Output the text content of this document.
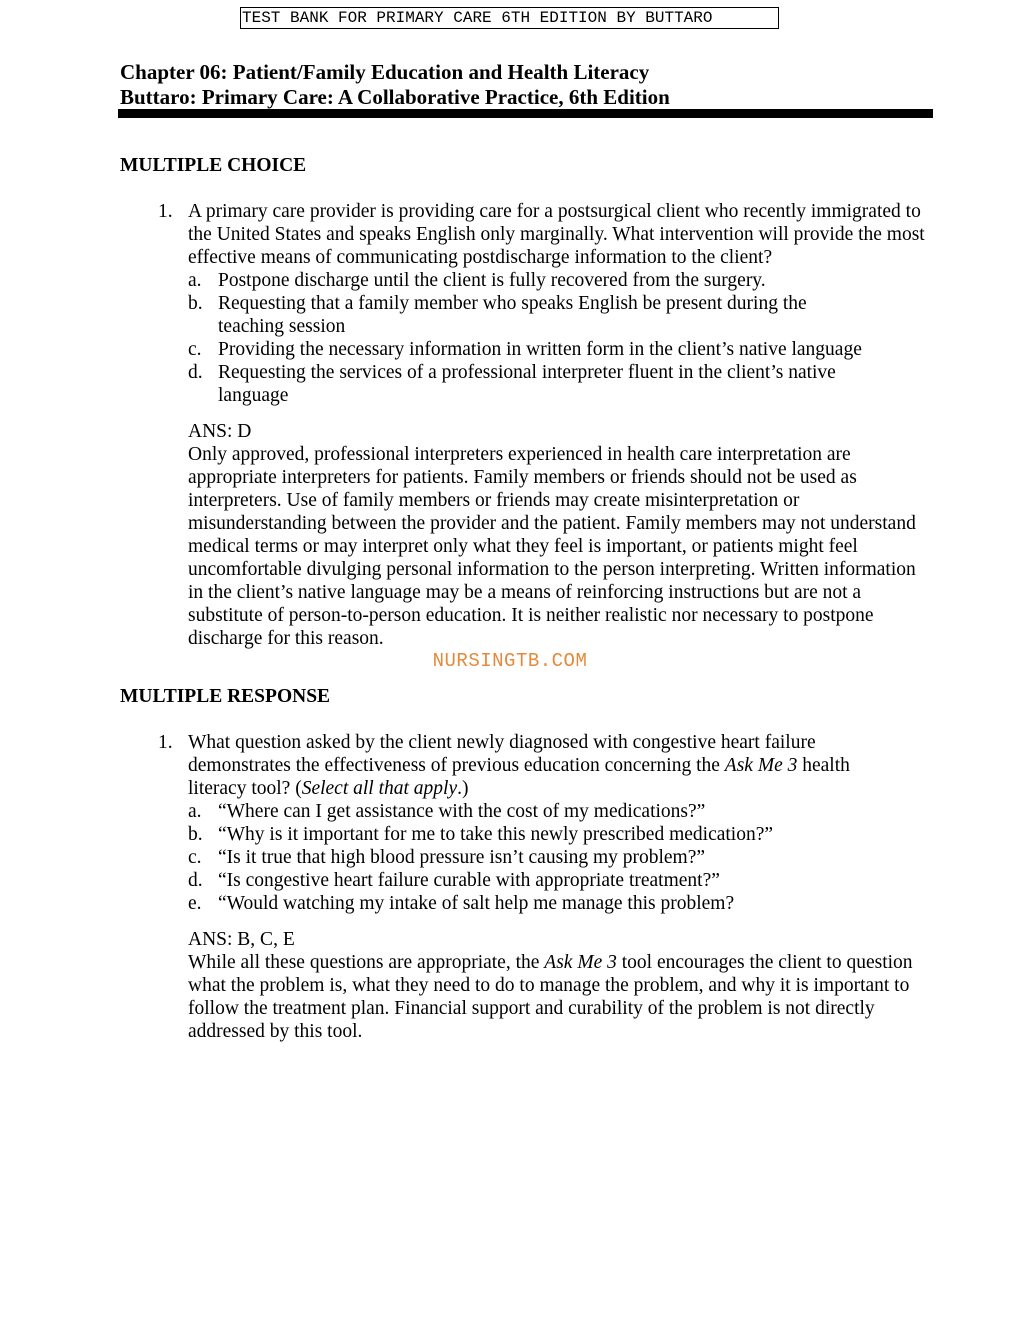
TEST BANK FOR PRIMARY CARE 6TH EDITION BY BUTTARO
Chapter 06: Patient/Family Education and Health Literacy
Buttaro: Primary Care: A Collaborative Practice, 6th Edition
MULTIPLE CHOICE
1. A primary care provider is providing care for a postsurgical client who recently immigrated to the United States and speaks English only marginally. What intervention will provide the most effective means of communicating postdischarge information to the client?
a. Postpone discharge until the client is fully recovered from the surgery.
b. Requesting that a family member who speaks English be present during the teaching session
c. Providing the necessary information in written form in the client’s native language
d. Requesting the services of a professional interpreter fluent in the client’s native language
ANS: D
Only approved, professional interpreters experienced in health care interpretation are appropriate interpreters for patients. Family members or friends should not be used as interpreters. Use of family members or friends may create misinterpretation or misunderstanding between the provider and the patient. Family members may not understand medical terms or may interpret only what they feel is important, or patients might feel uncomfortable divulging personal information to the person interpreting. Written information in the client’s native language may be a means of reinforcing instructions but are not a substitute of person-to-person education. It is neither realistic nor necessary to postpone discharge for this reason.
NURSINGTB.COM
MULTIPLE RESPONSE
1. What question asked by the client newly diagnosed with congestive heart failure demonstrates the effectiveness of previous education concerning the Ask Me 3 health literacy tool? (Select all that apply.)
a. “Where can I get assistance with the cost of my medications?”
b. “Why is it important for me to take this newly prescribed medication?”
c. “Is it true that high blood pressure isn’t causing my problem?”
d. “Is congestive heart failure curable with appropriate treatment?”
e. “Would watching my intake of salt help me manage this problem?
ANS: B, C, E
While all these questions are appropriate, the Ask Me 3 tool encourages the client to question what the problem is, what they need to do to manage the problem, and why it is important to follow the treatment plan. Financial support and curability of the problem is not directly addressed by this tool.
